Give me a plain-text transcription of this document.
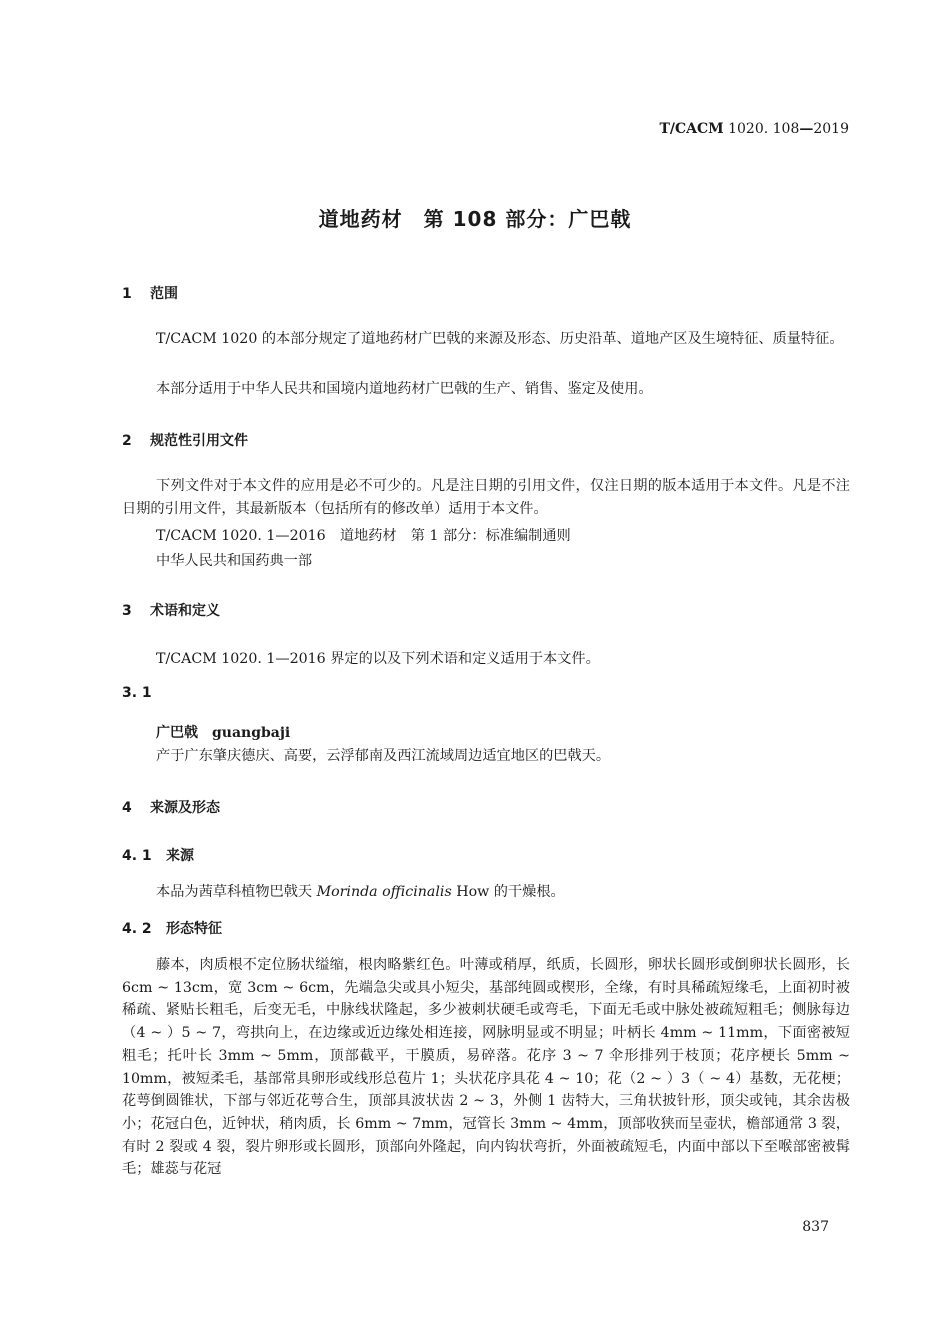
T/CACM 1020. 108—2019
道地药材　第 108 部分：广巴戟
1 范围
T/CACM 1020 的本部分规定了道地药材广巴戟的来源及形态、历史沿革、道地产区及生境特征、质量特征。
本部分适用于中华人民共和国境内道地药材广巴戟的生产、销售、鉴定及使用。
2 规范性引用文件
下列文件对于本文件的应用是必不可少的。凡是注日期的引用文件，仅注日期的版本适用于本文件。凡是不注日期的引用文件，其最新版本（包括所有的修改单）适用于本文件。
T/CACM 1020. 1—2016　道地药材　第 1 部分：标准编制通则
中华人民共和国药典一部
3 术语和定义
T/CACM 1020. 1—2016 界定的以及下列术语和定义适用于本文件。
3. 1
广巴戟 guangbaji
产于广东肇庆德庆、高要，云浮郁南及西江流域周边适宜地区的巴戟天。
4 来源及形态
4. 1 来源
本品为茜草科植物巴戟天 Morinda officinalis How 的干燥根。
4. 2 形态特征
藤本，肉质根不定位肠状缢缩，根肉略紫红色。叶薄或稍厚，纸质，长圆形，卵状长圆形或倒卵状长圆形，长 6cm ~ 13cm，宽 3cm ~ 6cm，先端急尖或具小短尖，基部纯圆或楔形，全缘，有时具稀疏短缘毛，上面初时被稀疏、紧贴长粗毛，后变无毛，中脉线状隆起，多少被刺状硬毛或弯毛，下面无毛或中脉处被疏短粗毛；侧脉每边（4 ~ ）5 ~ 7，弯拱向上，在边缘或近边缘处相连接，网脉明显或不明显；叶柄长 4mm ~ 11mm，下面密被短粗毛；托叶长 3mm ~ 5mm，顶部截平，干膜质，易碎落。花序 3 ~ 7 伞形排列于枝顶；花序梗长 5mm ~ 10mm，被短柔毛，基部常具卵形或线形总苞片 1；头状花序具花 4 ~ 10；花（2 ~ ）3（ ~ 4）基数，无花梗；花萼倒圆锥状，下部与邻近花萼合生，顶部具波状齿 2 ~ 3，外侧 1 齿特大，三角状披针形，顶尖或钝，其余齿极小；花冠白色，近钟状，稍肉质，长 6mm ~ 7mm，冠管长 3mm ~ 4mm，顶部收狭而呈壶状，檐部通常 3 裂，有时 2 裂或 4 裂，裂片卵形或长圆形，顶部向外隆起，向内钩状弯折，外面被疏短毛，内面中部以下至喉部密被髯毛；雄蕊与花冠
837
